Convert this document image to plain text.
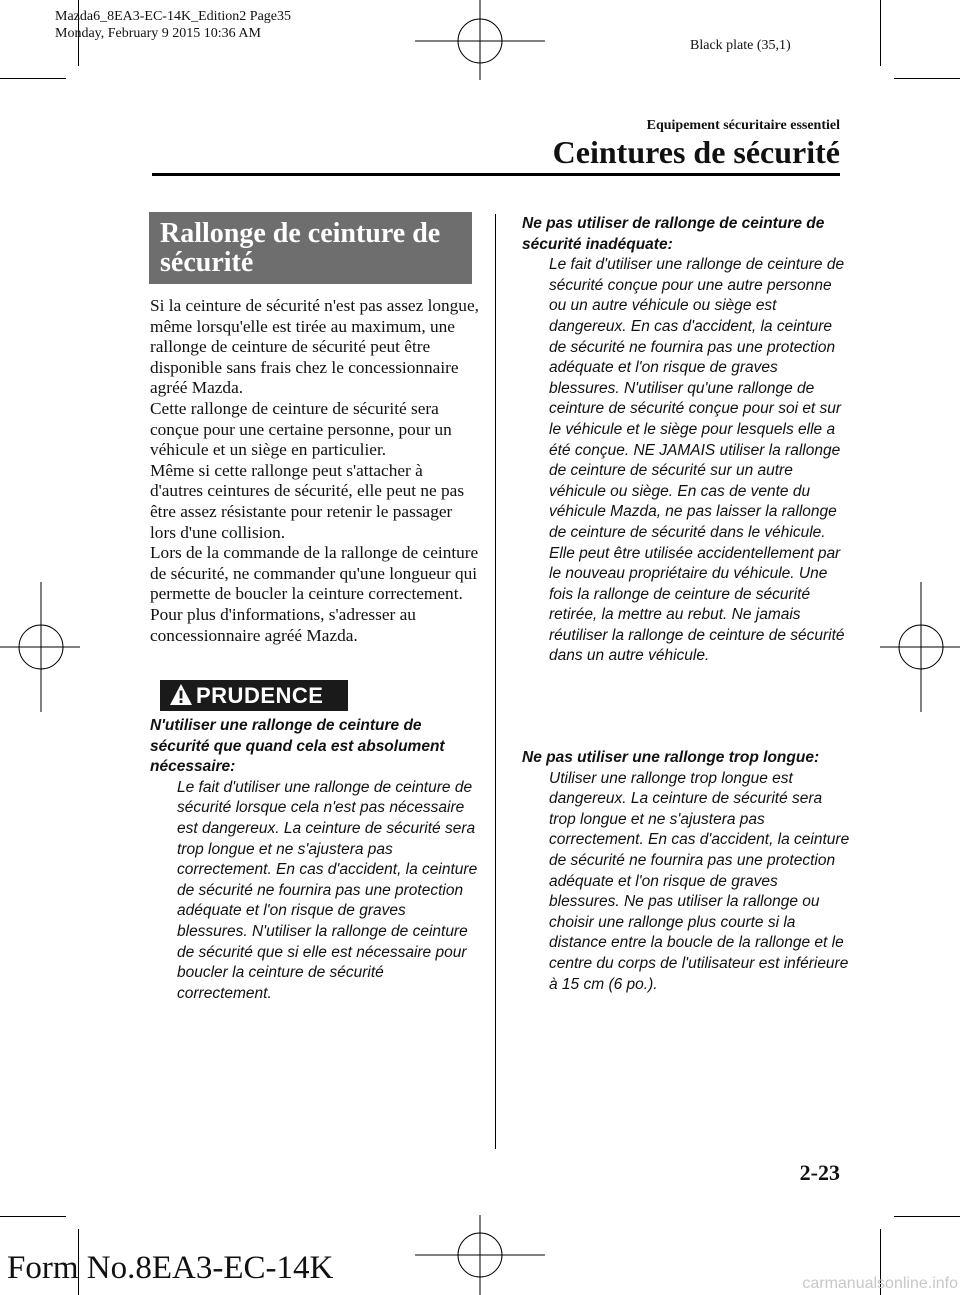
Mazda6_8EA3-EC-14K_Edition2 Page35
Monday, February 9 2015 10:36 AM
Black plate (35,1)
Equipement sécuritaire essentiel
Ceintures de sécurité
Rallonge de ceinture de
sécurité

Si la ceinture de sécurité n'est pas assez longue, même lorsqu'elle est tirée au maximum, une rallonge de ceinture de sécurité peut être disponible sans frais chez le concessionnaire agréé Mazda.

Cette rallonge de ceinture de sécurité sera conçue pour une certaine personne, pour un véhicule et un siège en particulier.

Même si cette rallonge peut s'attacher à d'autres ceintures de sécurité, elle peut ne pas être assez résistante pour retenir le passager lors d'une collision.

Lors de la commande de la rallonge de ceinture de sécurité, ne commander qu'une longueur qui permette de boucler la ceinture correctement. Pour plus d'informations, s'adresser au concessionnaire agréé Mazda.

PRUDENCE

N'utiliser une rallonge de ceinture de sécurité que quand cela est absolument nécessaire:

Le fait d'utiliser une rallonge de ceinture de sécurité lorsque cela n'est pas nécessaire est dangereux. La ceinture de sécurité sera trop longue et ne s'ajustera pas correctement. En cas d'accident, la ceinture de sécurité ne fournira pas une protection adéquate et l'on risque de graves blessures. N'utiliser la rallonge de ceinture de sécurité que si elle est nécessaire pour boucler la ceinture de sécurité correctement.

Ne pas utiliser de rallonge de ceinture de sécurité inadéquate:

Le fait d'utiliser une rallonge de ceinture de sécurité conçue pour une autre personne ou un autre véhicule ou siège est dangereux. En cas d'accident, la ceinture de sécurité ne fournira pas une protection adéquate et l'on risque de graves blessures. N'utiliser qu'une rallonge de ceinture de sécurité conçue pour soi et sur le véhicule et le siège pour lesquels elle a été conçue. NE JAMAIS utiliser la rallonge de ceinture de sécurité sur un autre véhicule ou siège. En cas de vente du véhicule Mazda, ne pas laisser la rallonge de ceinture de sécurité dans le véhicule. Elle peut être utilisée accidentellement par le nouveau propriétaire du véhicule. Une fois la rallonge de ceinture de sécurité retirée, la mettre au rebut. Ne jamais réutiliser la rallonge de ceinture de sécurité dans un autre véhicule.

Ne pas utiliser une rallonge trop longue:

Utiliser une rallonge trop longue est dangereux. La ceinture de sécurité sera trop longue et ne s'ajustera pas correctement. En cas d'accident, la ceinture de sécurité ne fournira pas une protection adéquate et l'on risque de graves blessures. Ne pas utiliser la rallonge ou choisir une rallonge plus courte si la distance entre la boucle de la rallonge et le centre du corps de l'utilisateur est inférieure à 15 cm (6 po.).

2-23
Form No.8EA3-EC-14K	carmanualsonline.info
